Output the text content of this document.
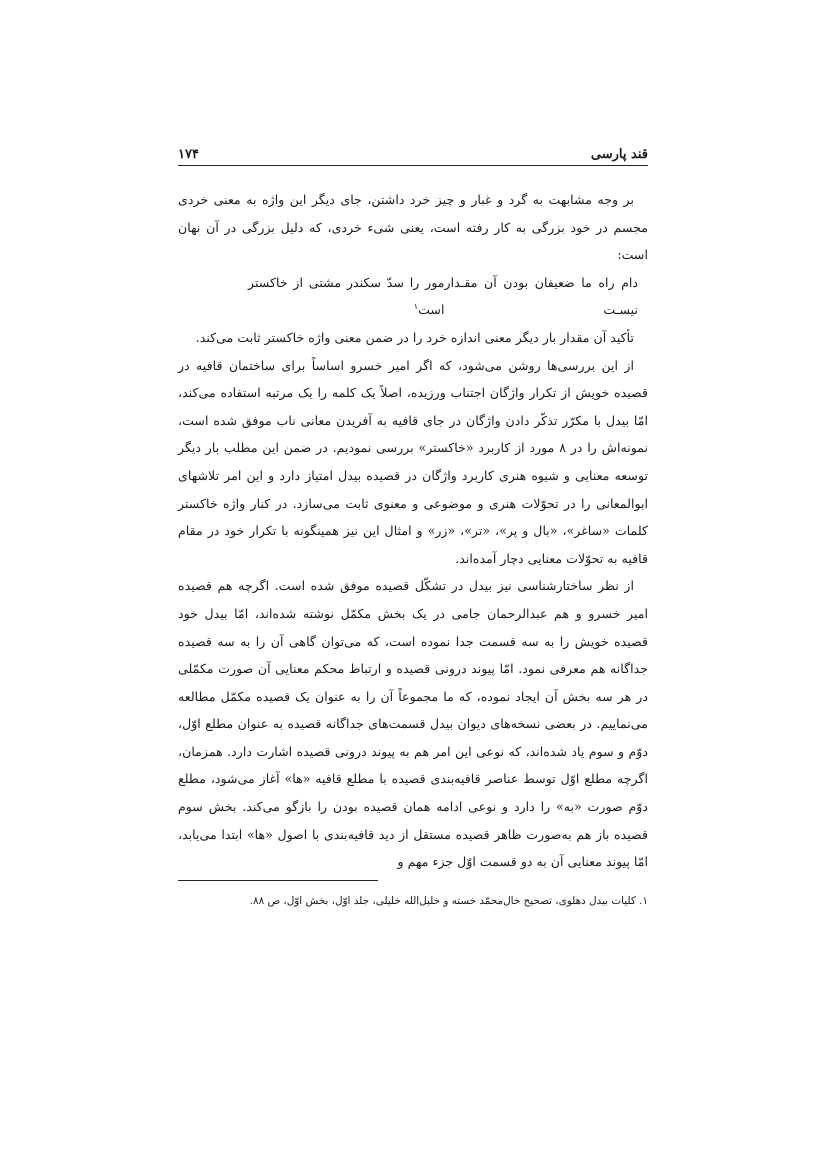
قند پارسی
۱۷۴

بر وجه مشابهت به گرد و غبار و چیز خرد داشتن، جای دیگر این واژه به معنی خردی مجسم در خود بزرگی به کار رفته است، یعنی شیء خردی، که دلیل بزرگی در آن نهان است:

دام راه ما ضعیفان بودن آن مقـدار نیسـت
مور را سدّ سکندر مشتی از خاکستر است$^۱$

تأکید آن مقدار بار دیگر معنی اندازه خرد را در ضمن معنی واژه خاکستر ثابت می‌کند.

از این بررسی‌ها روشن می‌شود، که اگر امیر خسرو اساساً برای ساختمان قافیه در قصیده خویش از تکرار واژگان اجتناب ورزیده، اصلاً یک کلمه را یک مرتبه استفاده می‌کند، امّا بیدل با مکرّر تذکّر دادن واژگان در جای قافیه به آفریدن معانی ناب موفق شده است، نمونه‌اش را در ۸ مورد از کاربرد «خاکستر» بررسی نمودیم. در ضمن این مطلب بار دیگر توسعه معنایی و شیوه هنری کاربرد واژگان در قصیده بیدل امتیاز دارد و این امر تلاشهای ابوالمعانی را در تحوّلات هنری و موضوعی و معنوی ثابت می‌سازد. در کنار واژه خاکستر کلمات «ساغر»، «بال و پر»، «تر»، «زر» و امثال این نیز همینگونه با تکرار خود در مقام قافیه به تحوّلات معنایی دچار آمده‌اند.

از نظر ساختارشناسی نیز بیدل در تشکّل قصیده موفق شده است. اگرچه هم قصیده امیر خسرو و هم عبدالرحمان جامی در یک بخش مکمّل نوشته شده‌اند، امّا بیدل خود قصیده خویش را به سه قسمت جدا نموده است، که می‌توان گاهی آن را به سه قصیده جداگانه هم معرفی نمود. امّا پیوند درونی قصیده و ارتباط محکم معنایی آن صورت مکمّلی در هر سه بخش آن ایجاد نموده، که ما مجموعاً آن را به عنوان یک قصیده مکمّل مطالعه می‌نماییم. در بعضی نسخه‌های دیوان بیدل قسمت‌های جداگانه قصیده به عنوان مطلع اوّل، دوّم و سوم یاد شده‌اند، که نوعی این امر هم به پیوند درونی قصیده اشارت دارد. همزمان، اگرچه مطلع اوّل توسط عناصر قافیه‌بندی قصیده با مطلع قافیه «ها» آغاز می‌شود، مطلع دوّم صورت «به» را دارد و نوعی ادامه همان قصیده بودن را بازگو می‌کند. بخش سوم قصیده باز هم به‌صورت ظاهر قصیده مستقل از دید قافیه‌بندی با اصول «ها» ابتدا می‌یابد، امّا پیوند معنایی آن به دو قسمت اوّل جزء مهم و

۱. کلیات بیدل دهلوی، تصحیح خال‌محمّد خسته و خلیل‌الله خلیلی، جلد اوّل، بخش اوّل، ص ۸۸.
